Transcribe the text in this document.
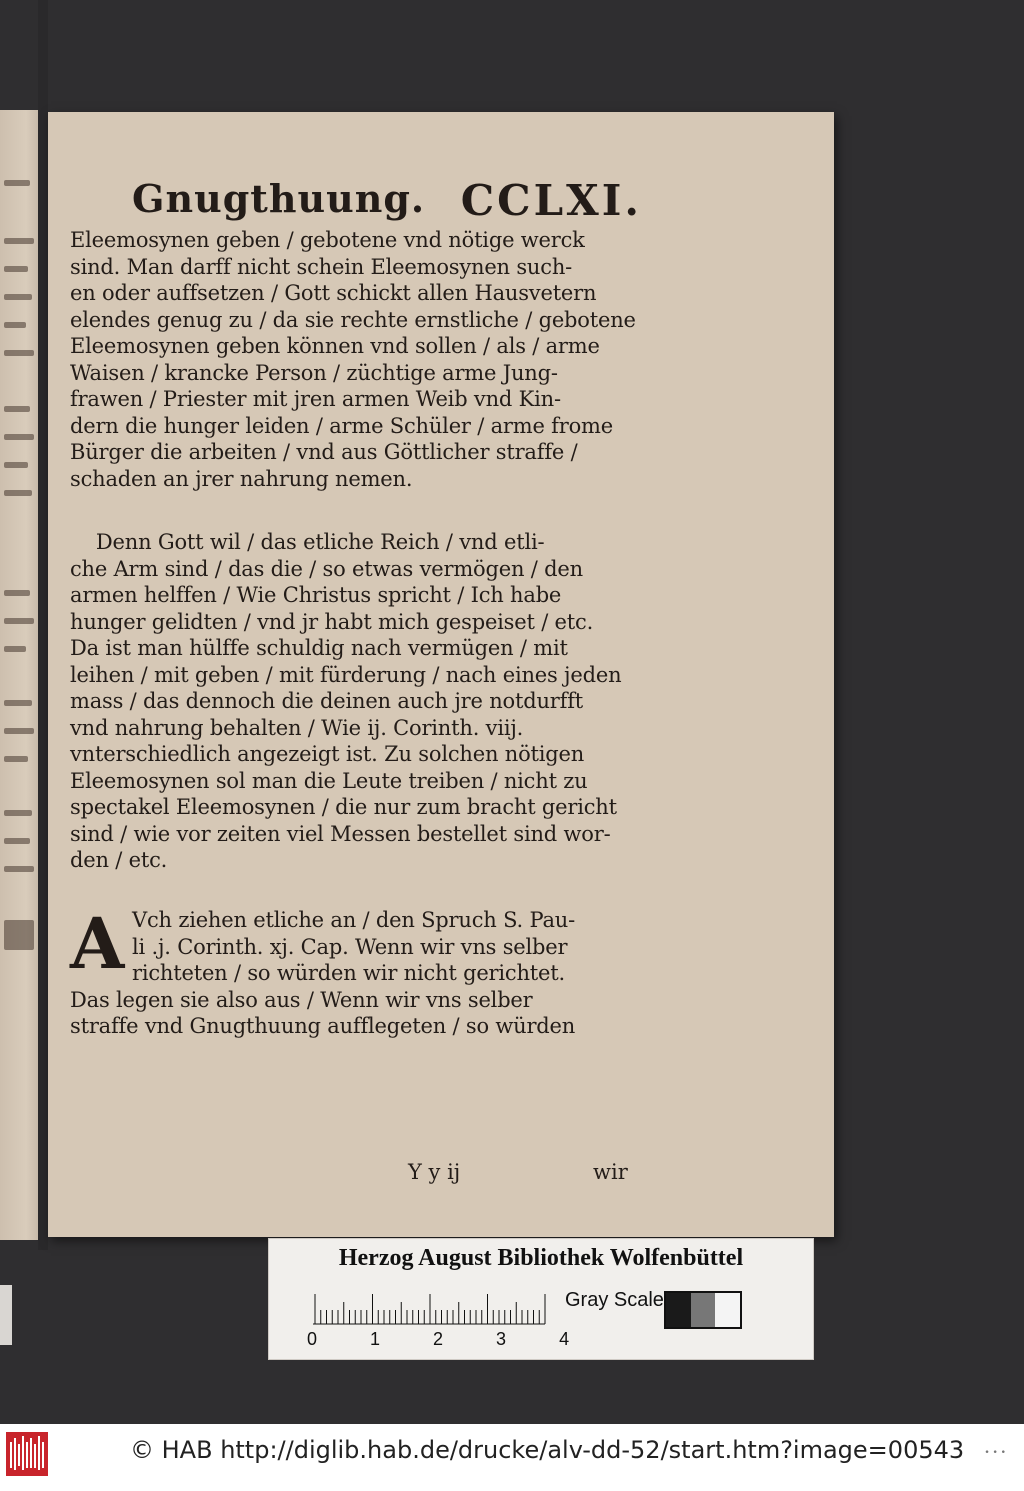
Gnugthuung. CCLXI.
Eleemosynen geben / gebotene vnd nötige werck
sind. Man darff nicht schein Eleemosynen such-
en oder auffsetzen / Gott schickt allen Hausvetern
elendes genug zu / da sie rechte ernstliche / gebotene
Eleemosynen geben können vnd sollen / als / arme
Waisen / krancke Person / züchtige arme Jung-
frawen / Priester mit jren armen Weib vnd Kin-
dern die hunger leiden / arme Schüler / arme frome
Bürger die arbeiten / vnd aus Göttlicher straffe /
schaden an jrer nahrung nemen.
Denn Gott wil / das etliche Reich / vnd etli-
che Arm sind / das die / so etwas vermögen / den
armen helffen / Wie Christus spricht / Ich habe
hunger gelidten / vnd jr habt mich gespeiset / etc.
Da ist man hülffe schuldig nach vermügen / mit
leihen / mit geben / mit fürderung / nach eines jeden
mass / das dennoch die deinen auch jre notdurfft
vnd nahrung behalten / Wie ij. Corinth. viij.
vnterschiedlich angezeigt ist. Zu solchen nötigen
Eleemosynen sol man die Leute treiben / nicht zu
spectakel Eleemosynen / die nur zum bracht gericht
sind / wie vor zeiten viel Messen bestellet sind wor-
den / etc.
A Vch ziehen etliche an / den Spruch S. Pau-
li .j. Corinth. xj. Cap. Wenn wir vns selber
richteten / so würden wir nicht gerichtet.
Das legen sie also aus / Wenn wir vns selber
straffe vnd Gnugthuung aufflegeten / so würden
Y y ij	wir
Herzog August Bibliothek Wolfenbüttel
0	1	2	3	4
Gray Scale
© HAB http://diglib.hab.de/drucke/alv-dd-52/start.htm?image=00543 • • •
